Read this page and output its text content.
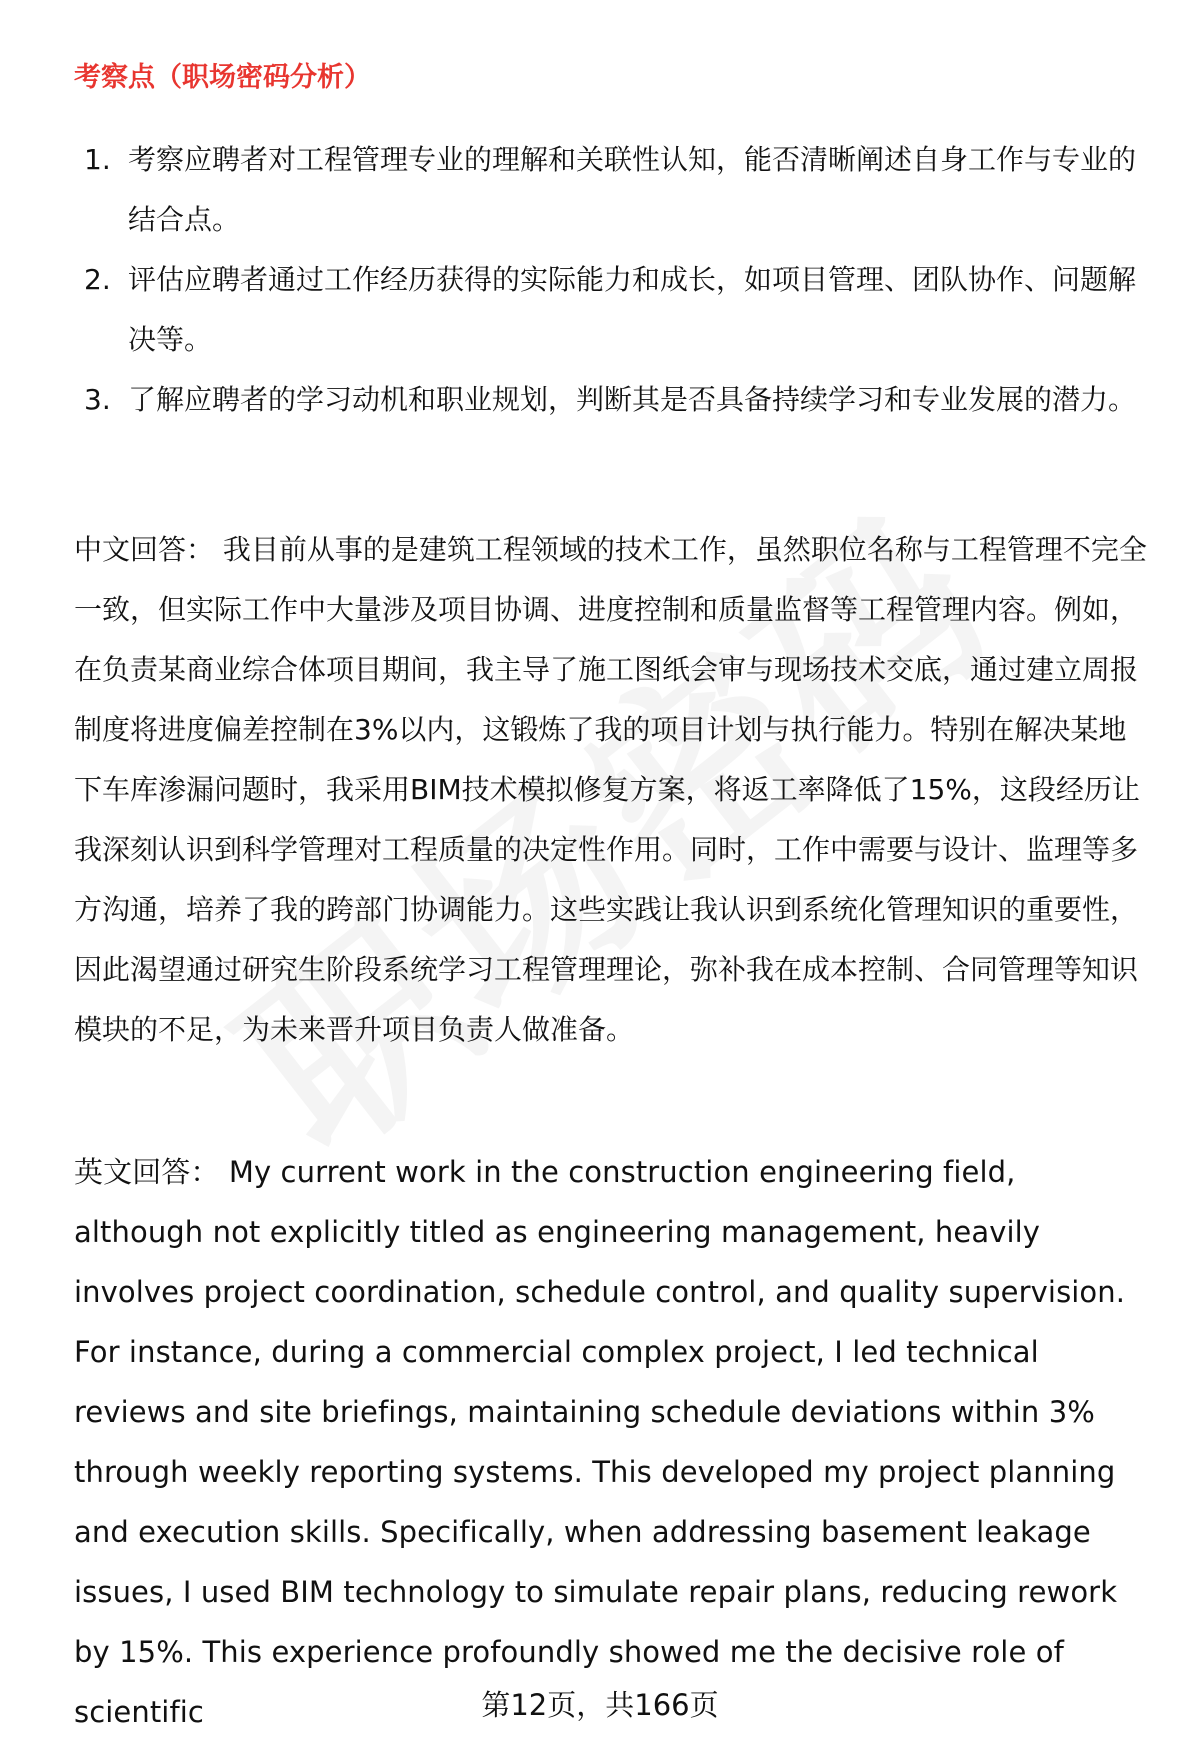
考察点（职场密码分析）
1. 考察应聘者对工程管理专业的理解和关联性认知，能否清晰阐述自身工作与专业的结合点。
2. 评估应聘者通过工作经历获得的实际能力和成长，如项目管理、团队协作、问题解决等。
3. 了解应聘者的学习动机和职业规划，判断其是否具备持续学习和专业发展的潜力。

中文回答： 我目前从事的是建筑工程领域的技术工作，虽然职位名称与工程管理不完全一致，但实际工作中大量涉及项目协调、进度控制和质量监督等工程管理内容。例如，在负责某商业综合体项目期间，我主导了施工图纸会审与现场技术交底，通过建立周报制度将进度偏差控制在3%以内，这锻炼了我的项目计划与执行能力。特别在解决某地下车库渗漏问题时，我采用BIM技术模拟修复方案，将返工率降低了15%，这段经历让我深刻认识到科学管理对工程质量的决定性作用。同时，工作中需要与设计、监理等多方沟通，培养了我的跨部门协调能力。这些实践让我认识到系统化管理知识的重要性，因此渴望通过研究生阶段系统学习工程管理理论，弥补我在成本控制、合同管理等知识模块的不足，为未来晋升项目负责人做准备。

英文回答： My current work in the construction engineering field, although not explicitly titled as engineering management, heavily involves project coordination, schedule control, and quality supervision. For instance, during a commercial complex project, I led technical reviews and site briefings, maintaining schedule deviations within 3% through weekly reporting systems. This developed my project planning and execution skills. Specifically, when addressing basement leakage issues, I used BIM technology to simulate repair plans, reducing rework by 15%. This experience profoundly showed me the decisive role of scientific	第12页，共166页
